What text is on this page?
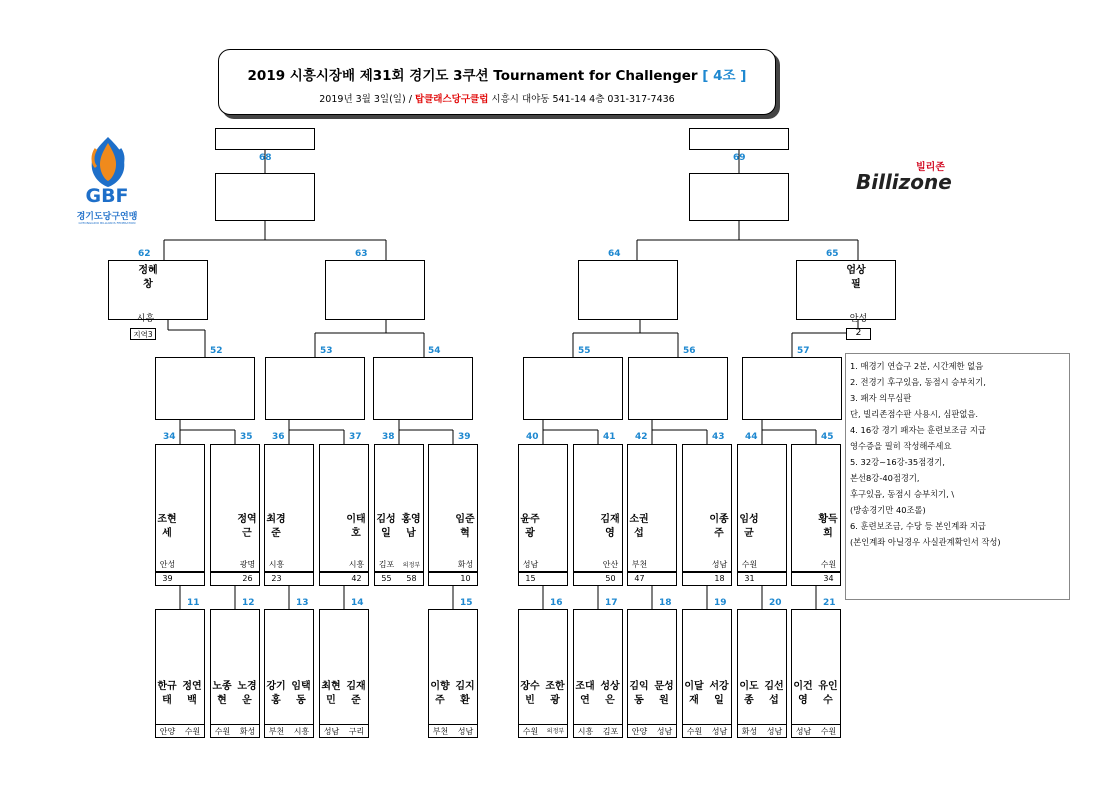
2019 시흥시장배 제31회 경기도 3쿠션 Tournament for Challenger [ 4조 ]
2019년 3월 3일(일) / 탑클래스당구클럽 시흥시 대야동 541-14 4층 031-317-7436
GBF
경기도당구연맹
GYEONGGIDO BILLIARDS FEDERATION
빌리존
Billizone
68	69
62
정혜창
시흥
63	64	65
엄상필
안성
지역3	2
52	53	54	55	56	57
34
조현세
안성
39
35
정역근
광명
26
36
최경준
시흥
23
37
이태호
시흥
42
38
김성일
김포
55
홍영남
의정부
58
39
임준혁
화성
10
40
윤주광
성남
15
41
김재영
안산
50
42
소권섭
부천
47
43
이종주
성남
18
44
임성균
수원
31
45
황득희
수원
34
11
한규태
정연백
안양	수원
12
노종현
노경운
수원	화성
13
강기홍
임택동
부천	시흥
14
최현민
김재준
성남	구리
15
이향주
김지환
부천	성남
16
장수빈
조한광
수원	의정부
17
조대연
성상은
시흥	김포
18
김익동
문성원
안양	성남
19
이달재
서강일
수원	성남
20
이도종
김선섭
화성	성남
21
이건영
유인수
성남	수원
1. 매경기 연습구 2분, 시간제한 없음
2. 전경기 후구있음, 동점시 승부치기,
3. 패자 의무심판
단, 빌리존점수판 사용시, 심판없음.
4. 16강 경기 패자는 훈련보조금 지급
영수증을 필히 작성해주세요
5. 32강~16강-35점경기,
본선8강-40점경기,
후구있음, 동점시 승부치기, \
(방송경기만 40조롤)
6. 훈련보조금, 수당 등 본인계좌 지급
(본인계좌 아닐경우 사실관계확인서 작성)
